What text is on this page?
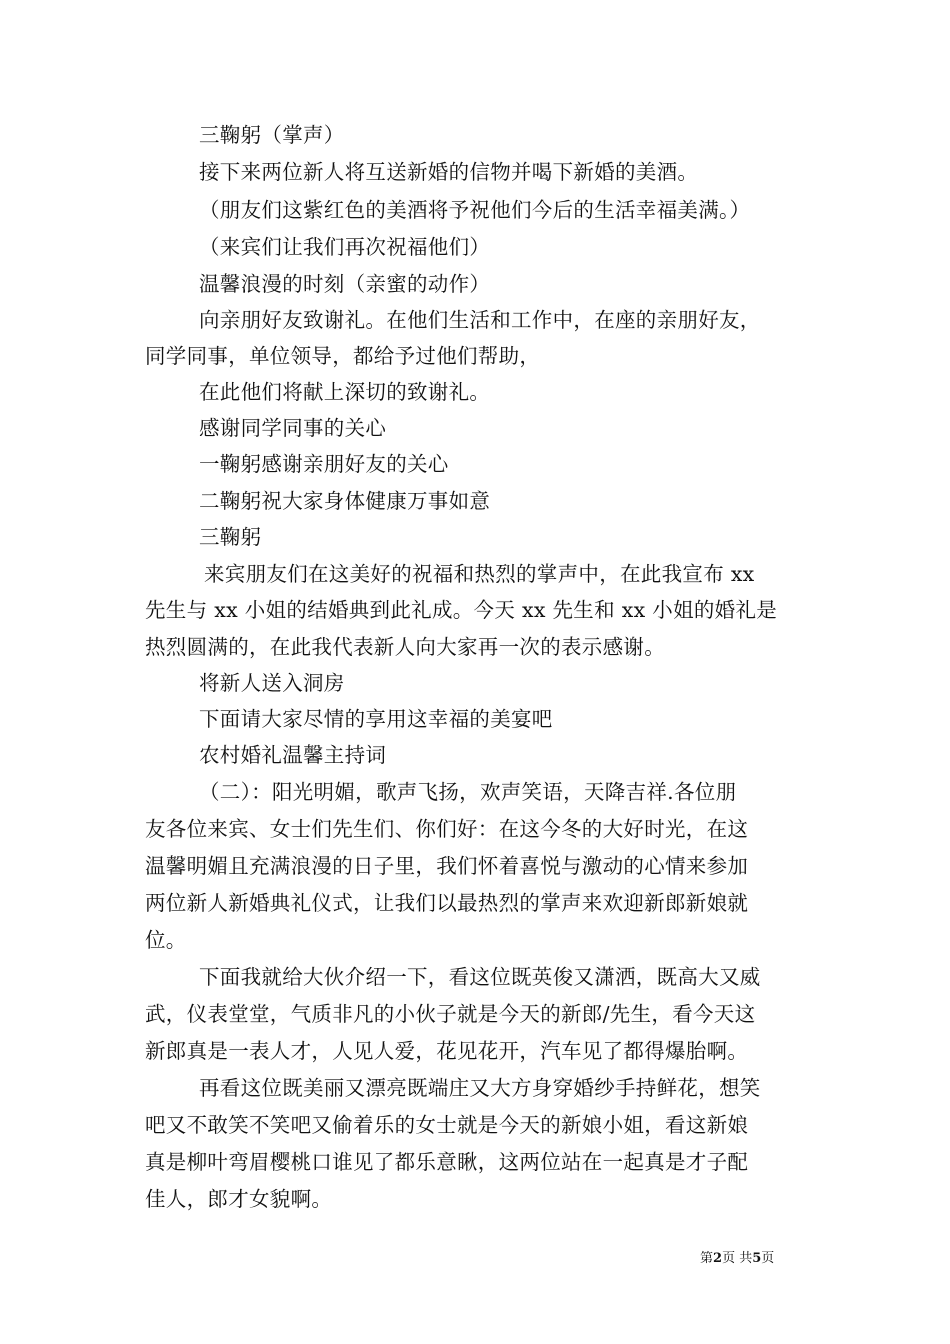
三鞠躬（掌声）
接下来两位新人将互送新婚的信物并喝下新婚的美酒。
（朋友们这紫红色的美酒将予祝他们今后的生活幸福美满。）
（来宾们让我们再次祝福他们）
温馨浪漫的时刻（亲蜜的动作）
向亲朋好友致谢礼。在他们生活和工作中，在座的亲朋好友，
同学同事，单位领导，都给予过他们帮助，
在此他们将献上深切的致谢礼。
感谢同学同事的关心
一鞠躬感谢亲朋好友的关心
二鞠躬祝大家身体健康万事如意
三鞠躬
来宾朋友们在这美好的祝福和热烈的掌声中，在此我宣布 xx
先生与 xx 小姐的结婚典到此礼成。今天 xx 先生和 xx 小姐的婚礼是
热烈圆满的，在此我代表新人向大家再一次的表示感谢。
将新人送入洞房
下面请大家尽情的享用这幸福的美宴吧
农村婚礼温馨主持词
（二）：阳光明媚，歌声飞扬，欢声笑语，天降吉祥.各位朋
友各位来宾、女士们先生们、你们好：在这今冬的大好时光，在这
温馨明媚且充满浪漫的日子里，我们怀着喜悦与激动的心情来参加
两位新人新婚典礼仪式，让我们以最热烈的掌声来欢迎新郎新娘就
位。
下面我就给大伙介绍一下，看这位既英俊又潇洒，既高大又威
武，仪表堂堂，气质非凡的小伙子就是今天的新郎/先生，看今天这
新郎真是一表人才，人见人爱，花见花开，汽车见了都得爆胎啊。
再看这位既美丽又漂亮既端庄又大方身穿婚纱手持鲜花，想笑
吧又不敢笑不笑吧又偷着乐的女士就是今天的新娘小姐，看这新娘
真是柳叶弯眉樱桃口谁见了都乐意瞅，这两位站在一起真是才子配
佳人，郎才女貌啊。
第2页 共5页
